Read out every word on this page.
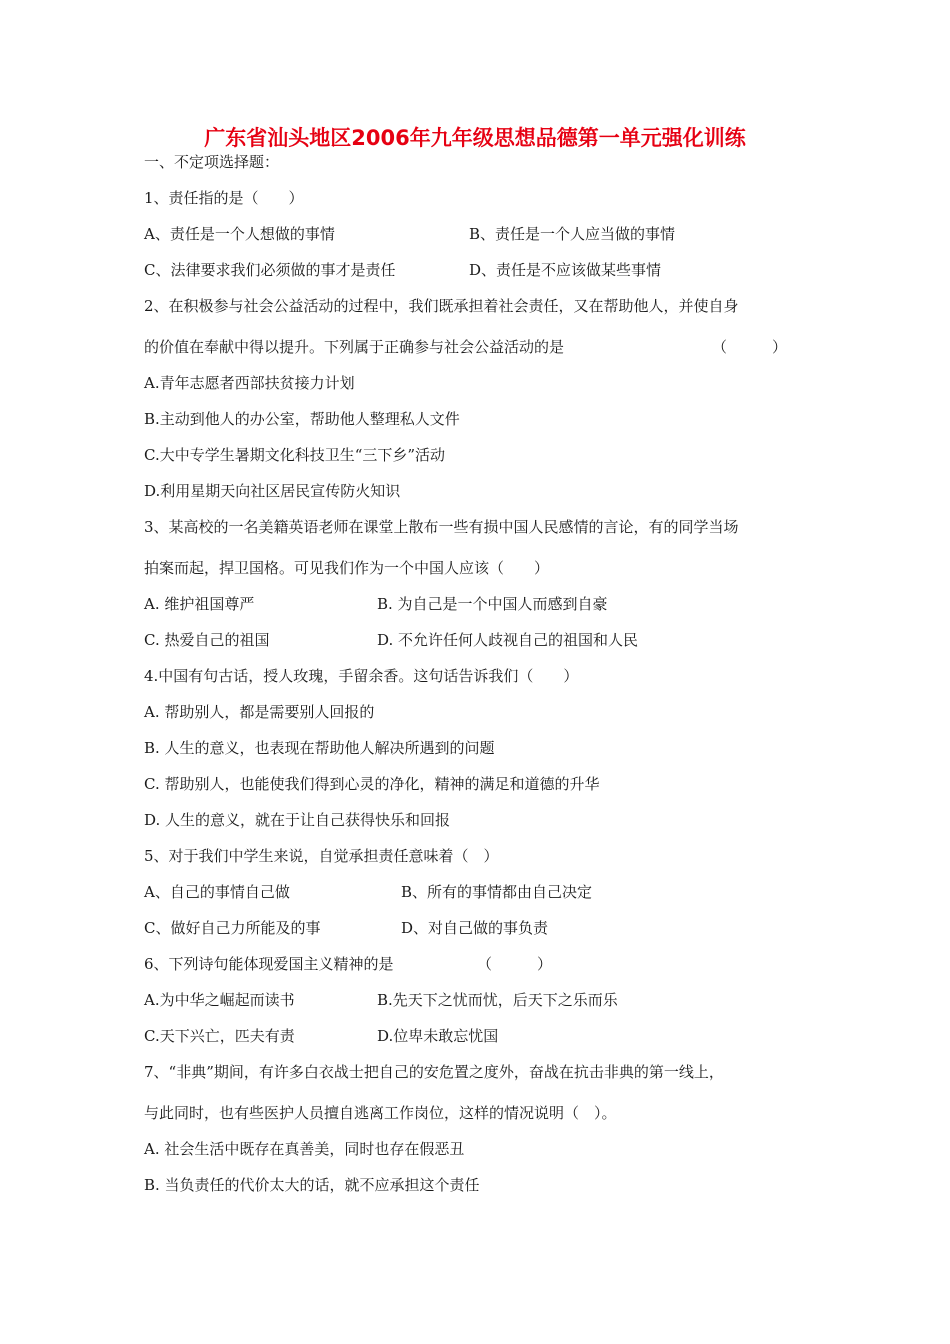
广东省汕头地区2006年九年级思想品德第一单元强化训练
一、不定项选择题：
1、责任指的是（　　）
A、责任是一个人想做的事情	B、责任是一个人应当做的事情
C、法律要求我们必须做的事才是责任	D、责任是不应该做某些事情
2、在积极参与社会公益活动的过程中，我们既承担着社会责任，又在帮助他人，并使自身
的价值在奉献中得以提升。下列属于正确参与社会公益活动的是	（　　　）
A.青年志愿者西部扶贫接力计划
B.主动到他人的办公室，帮助他人整理私人文件
C.大中专学生暑期文化科技卫生“三下乡”活动
D.利用星期天向社区居民宣传防火知识
3、某高校的一名美籍英语老师在课堂上散布一些有损中国人民感情的言论，有的同学当场
拍案而起，捍卫国格。可见我们作为一个中国人应该（　　）
A. 维护祖国尊严	B. 为自己是一个中国人而感到自豪
C. 热爱自己的祖国	D. 不允许任何人歧视自己的祖国和人民
4.中国有句古话，授人玫瑰，手留余香。这句话告诉我们（　　）
A. 帮助别人，都是需要别人回报的
B. 人生的意义，也表现在帮助他人解决所遇到的问题
C. 帮助别人，也能使我们得到心灵的净化，精神的满足和道德的升华
D. 人生的意义，就在于让自己获得快乐和回报
5、对于我们中学生来说，自觉承担责任意味着（　）
A、自己的事情自己做	B、所有的事情都由自己决定
C、做好自己力所能及的事	D、对自己做的事负责
6、下列诗句能体现爱国主义精神的是	（　　　）
A.为中华之崛起而读书	B.先天下之忧而忧，后天下之乐而乐
C.天下兴亡，匹夫有责	D.位卑未敢忘忧国
7、“非典”期间，有许多白衣战士把自己的安危置之度外，奋战在抗击非典的第一线上，
与此同时，也有些医护人员擅自逃离工作岗位，这样的情况说明（　）。
A. 社会生活中既存在真善美，同时也存在假恶丑
B. 当负责任的代价太大的话，就不应承担这个责任
